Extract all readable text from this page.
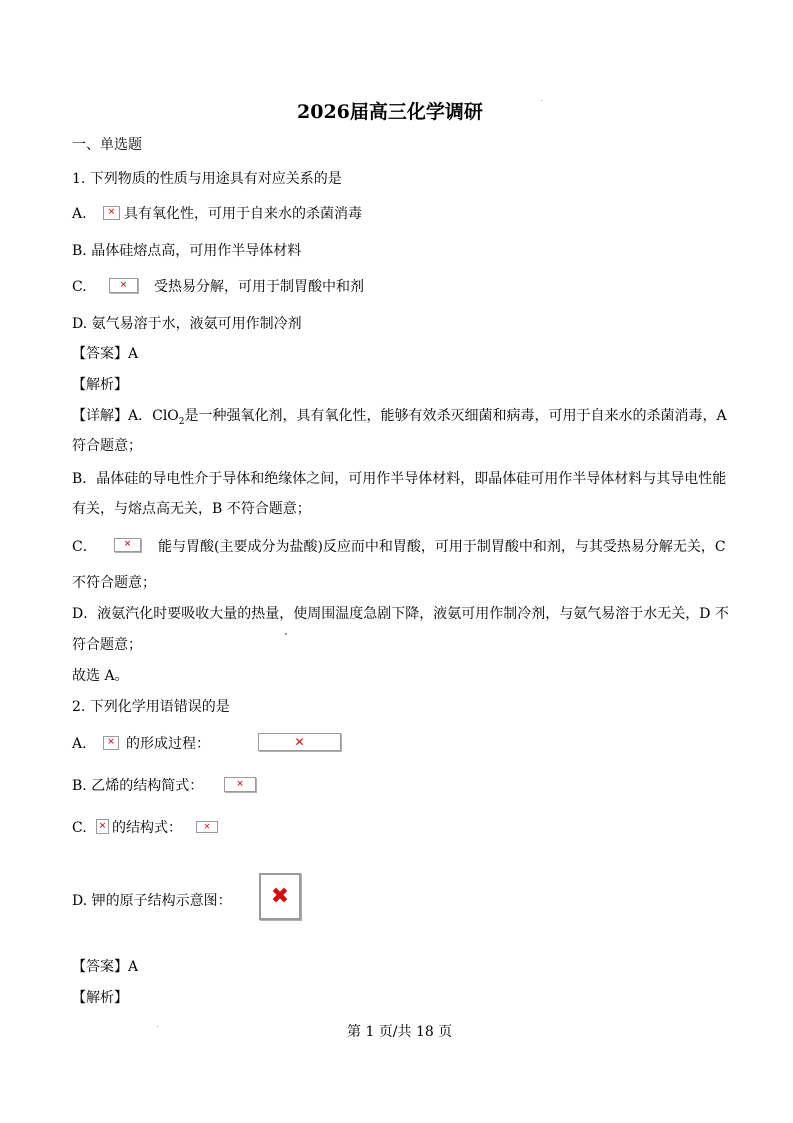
2026届高三化学调研
一、单选题
1. 下列物质的性质与用途具有对应关系的是
A. ✕ 具有氧化性，可用于自来水的杀菌消毒
B. 晶体硅熔点高，可用作半导体材料
C.	✕ 受热易分解，可用于制胃酸中和剂
D. 氨气易溶于水，液氨可用作制冷剂
【答案】A
【解析】
【详解】A．ClO$_2$是一种强氧化剂，具有氧化性，能够有效杀灭细菌和病毒，可用于自来水的杀菌消毒，A
符合题意；
B．晶体硅的导电性介于导体和绝缘体之间，可用作半导体材料，即晶体硅可用作半导体材料与其导电性能
有关，与熔点高无关，B 不符合题意；
C．	✕ 能与胃酸(主要成分为盐酸)反应而中和胃酸，可用于制胃酸中和剂，与其受热易分解无关，C
不符合题意；
D．液氨汽化时要吸收大量的热量，使周围温度急剧下降，液氨可用作制冷剂，与氨气易溶于水无关，D 不
符合题意；
故选 A。
2. 下列化学用语错误的是
A. ✕ 的形成过程：	✕
B. 乙烯的结构简式：	✕
C. ✕ 的结构式：	✕
D. 钾的原子结构示意图： ✖
【答案】A
【解析】
第 1 页/共 18 页
